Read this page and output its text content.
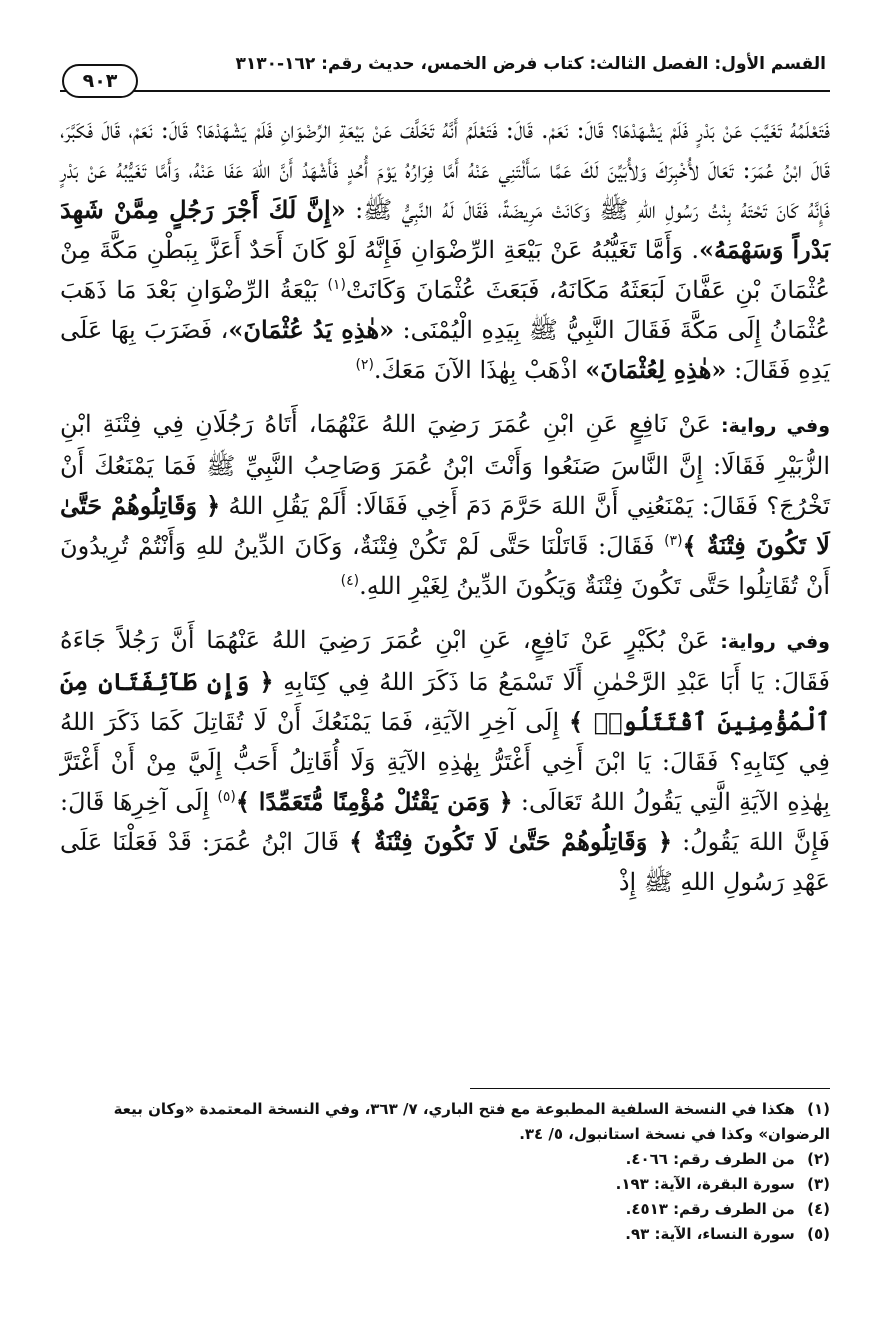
القسم الأول: الفصل الثالث: كتاب فرض الخمس، حديث رقم: ١٦٢-٣١٣٠
٩٠٣

فَتَعْلَمُهُ تَغَيَّبَ عَنْ بَدْرٍ فَلَمْ يَشْهَدْهَا؟ قَالَ: نَعَمْ. قَالَ: فَتَعْلَمُ أَنَّهُ تَخَلَّفَ عَنْ بَيْعَةِ الرِّضْوَانِ فَلَمْ يَشْهَدْهَا؟ قَالَ: نَعَمْ، قَالَ فَكَبَّرَ، قَالَ ابْنُ عُمَرَ: تَعَالَ لأُخْبِرَكَ وَلأُبَيِّنَ لَكَ عَمَّا سَأَلْتَنِي عَنْهُ أَمَّا فِرَارُهُ يَوْمَ أُحُدٍ فَأَشْهَدُ أَنَّ اللهَ عَفَا عَنْهُ، وَأَمَّا تَغَيُّبُهُ عَنْ بَدْرٍ فَإِنَّهُ كَانَ تَحْتَهُ بِنْتُ رَسُولِ اللهِ ﷺ وَكَانَتْ مَرِيضَةً، فَقَالَ لَهُ النَّبِيُّ ﷺ: «إِنَّ لَكَ أَجْرَ رَجُلٍ مِمَّنْ شَهِدَ بَدْراً وَسَهْمَهُ». وَأَمَّا تَغَيُّبُهُ عَنْ بَيْعَةِ الرِّضْوَانِ فَإِنَّهُ لَوْ كَانَ أَحَدٌ أَعَزَّ بِبَطْنِ مَكَّةَ مِنْ عُثْمَانَ بْنِ عَفَّانَ لَبَعَثَهُ مَكَانَهُ، فَبَعَثَ عُثْمَانَ وَكَانَتْ$^{(١)}$ بَيْعَةُ الرِّضْوَانِ بَعْدَ مَا ذَهَبَ عُثْمَانُ إِلَى مَكَّةَ فَقَالَ النَّبِيُّ ﷺ بِيَدِهِ الْيُمْنَى: «هٰذِهِ يَدُ عُثْمَانَ»، فَضَرَبَ بِهَا عَلَى يَدِهِ فَقَالَ: «هٰذِهِ لِعُثْمَانَ» اذْهَبْ بِهٰذَا الآنَ مَعَكَ.$^{(٢)}$

وفي رواية: عَنْ نَافِعٍ عَنِ ابْنِ عُمَرَ رَضِيَ اللهُ عَنْهُمَا، أَتَاهُ رَجُلَانِ فِي فِتْنَةِ ابْنِ الزُّبَيْرِ فَقَالَا: إِنَّ النَّاسَ صَنَعُوا وَأَنْتَ ابْنُ عُمَرَ وَصَاحِبُ النَّبِيِّ ﷺ فَمَا يَمْنَعُكَ أَنْ تَخْرُجَ؟ فَقَالَ: يَمْنَعُنِي أَنَّ اللهَ حَرَّمَ دَمَ أَخِي فَقَالَا: أَلَمْ يَقُلِ اللهُ ﴿ وَقَاتِلُوهُمْ حَتَّىٰ لَا تَكُونَ فِتْنَةٌ ﴾$^{(٣)}$ فَقَالَ: قَاتَلْنَا حَتَّى لَمْ تَكُنْ فِتْنَةٌ، وَكَانَ الدِّينُ للهِ وَأَنْتُمْ تُرِيدُونَ أَنْ تُقَاتِلُوا حَتَّى تَكُونَ فِتْنَةٌ وَيَكُونَ الدِّينُ لِغَيْرِ اللهِ.$^{(٤)}$

وفي رواية: عَنْ بُكَيْرٍ عَنْ نَافِعٍ، عَنِ ابْنِ عُمَرَ رَضِيَ اللهُ عَنْهُمَا أَنَّ رَجُلاً جَاءَهُ فَقَالَ: يَا أَبَا عَبْدِ الرَّحْمٰنِ أَلَا تَسْمَعُ مَا ذَكَرَ اللهُ فِي كِتَابِهِ ﴿ وَإِن طَآئِفَتَانِ مِنَ ٱلْمُؤْمِنِينَ ٱقْتَتَلُوا۟ ﴾ إِلَى آخِرِ الآيَةِ، فَمَا يَمْنَعُكَ أَنْ لَا تُقَاتِلَ كَمَا ذَكَرَ اللهُ فِي كِتَابِهِ؟ فَقَالَ: يَا ابْنَ أَخِي أَغْتَرُّ بِهٰذِهِ الآيَةِ وَلَا أُقَاتِلُ أَحَبُّ إِلَيَّ مِنْ أَنْ أَغْتَرَّ بِهٰذِهِ الآيَةِ الَّتِي يَقُولُ اللهُ تَعَالَى: ﴿ وَمَن يَقْتُلْ مُؤْمِنًا مُّتَعَمِّدًا ﴾$^{(٥)}$ إِلَى آخِرِهَا قَالَ: فَإِنَّ اللهَ يَقُولُ: ﴿ وَقَاتِلُوهُمْ حَتَّىٰ لَا تَكُونَ فِتْنَةٌ ﴾ قَالَ ابْنُ عُمَرَ: قَدْ فَعَلْنَا عَلَى عَهْدِ رَسُولِ اللهِ ﷺ إِذْ

(١) هكذا في النسخة السلفية المطبوعة مع فتح الباري، ٧/ ٣٦٣، وفي النسخة المعتمدة «وكان بيعة الرضوان» وكذا في نسخة استانبول، ٥/ ٣٤.
(٢) من الطرف رقم: ٤٠٦٦.
(٣) سورة البقرة، الآية: ١٩٣.
(٤) من الطرف رقم: ٤٥١٣.
(٥) سورة النساء، الآية: ٩٣.
